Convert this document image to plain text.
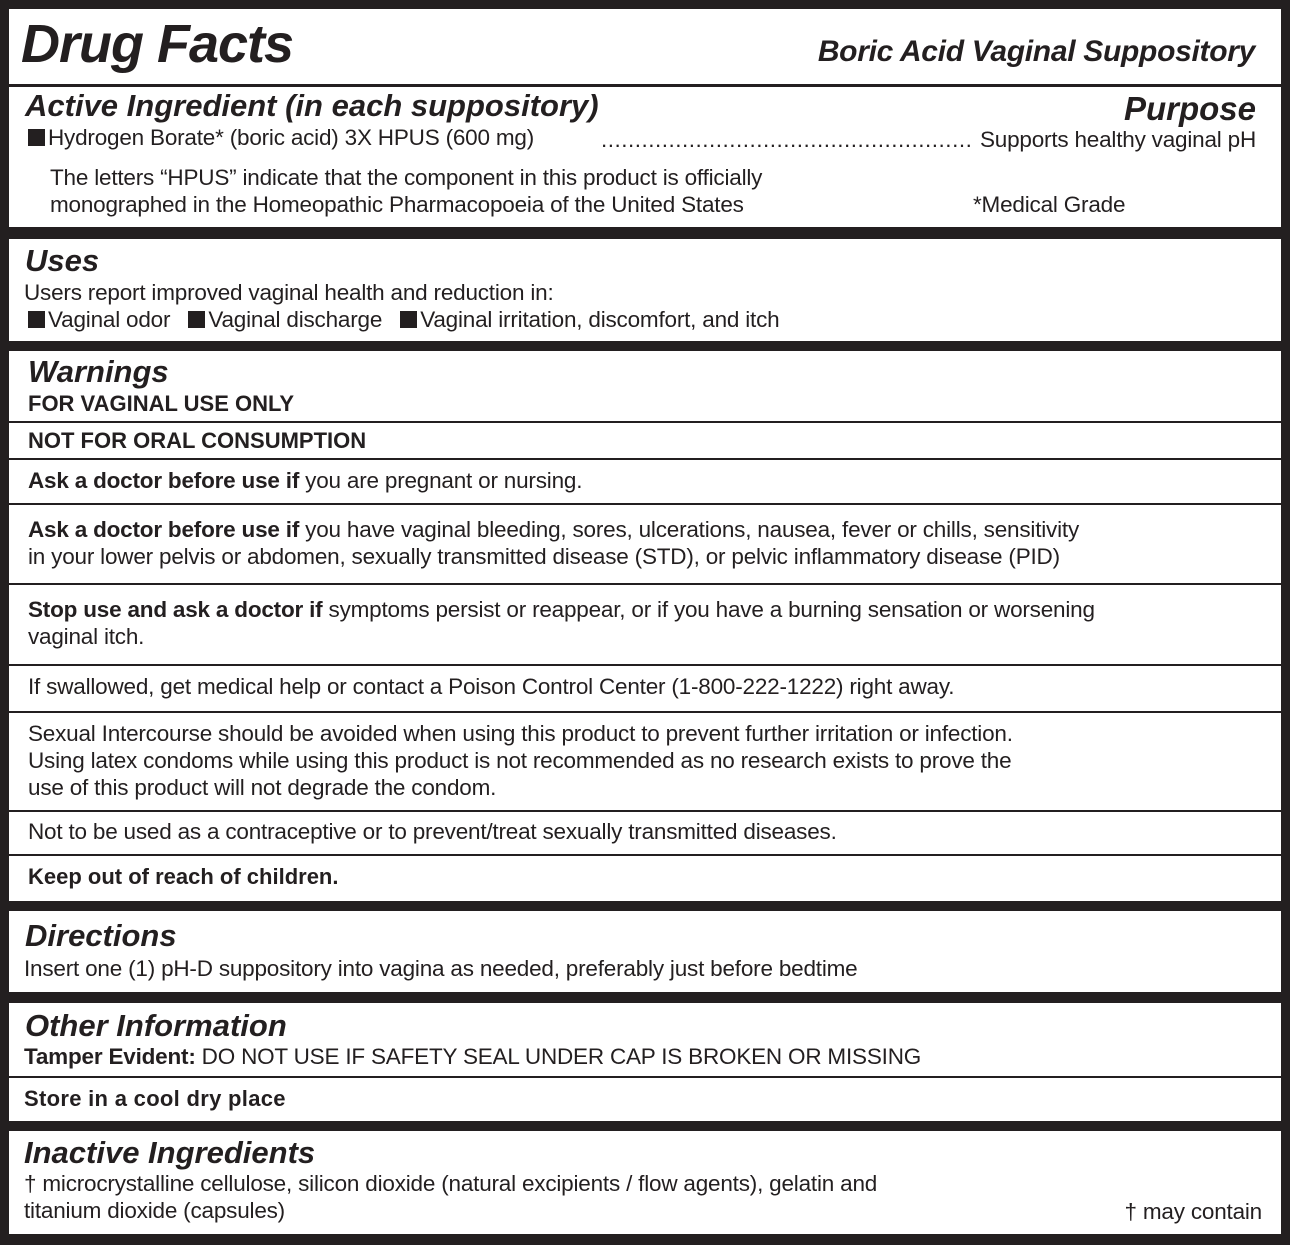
Drug Facts	Boric Acid Vaginal Suppository
Active Ingredient (in each suppository)	Purpose
Hydrogen Borate* (boric acid) 3X HPUS (600 mg)	....................................................... Supports healthy vaginal pH
The letters “HPUS” indicate that the component in this product is officially
monographed in the Homeopathic Pharmacopoeia of the United States	*Medical Grade
Uses
Users report improved vaginal health and reduction in:
Vaginal odor Vaginal discharge Vaginal irritation, discomfort, and itch
Warnings
FOR VAGINAL USE ONLY
NOT FOR ORAL CONSUMPTION
Ask a doctor before use if you are pregnant or nursing.
Ask a doctor before use if you have vaginal bleeding, sores, ulcerations, nausea, fever or chills, sensitivity
in your lower pelvis or abdomen, sexually transmitted disease (STD), or pelvic inflammatory disease (PID)
Stop use and ask a doctor if symptoms persist or reappear, or if you have a burning sensation or worsening
vaginal itch.
If swallowed, get medical help or contact a Poison Control Center (1-800-222-1222) right away.
Sexual Intercourse should be avoided when using this product to prevent further irritation or infection.
Using latex condoms while using this product is not recommended as no research exists to prove the
use of this product will not degrade the condom.
Not to be used as a contraceptive or to prevent/treat sexually transmitted diseases.
Keep out of reach of children.
Directions
Insert one (1) pH-D suppository into vagina as needed, preferably just before bedtime
Other Information
Tamper Evident: DO NOT USE IF SAFETY SEAL UNDER CAP IS BROKEN OR MISSING
Store in a cool dry place
Inactive Ingredients
† microcrystalline cellulose, silicon dioxide (natural excipients / flow agents), gelatin and
titanium dioxide (capsules)	† may contain
